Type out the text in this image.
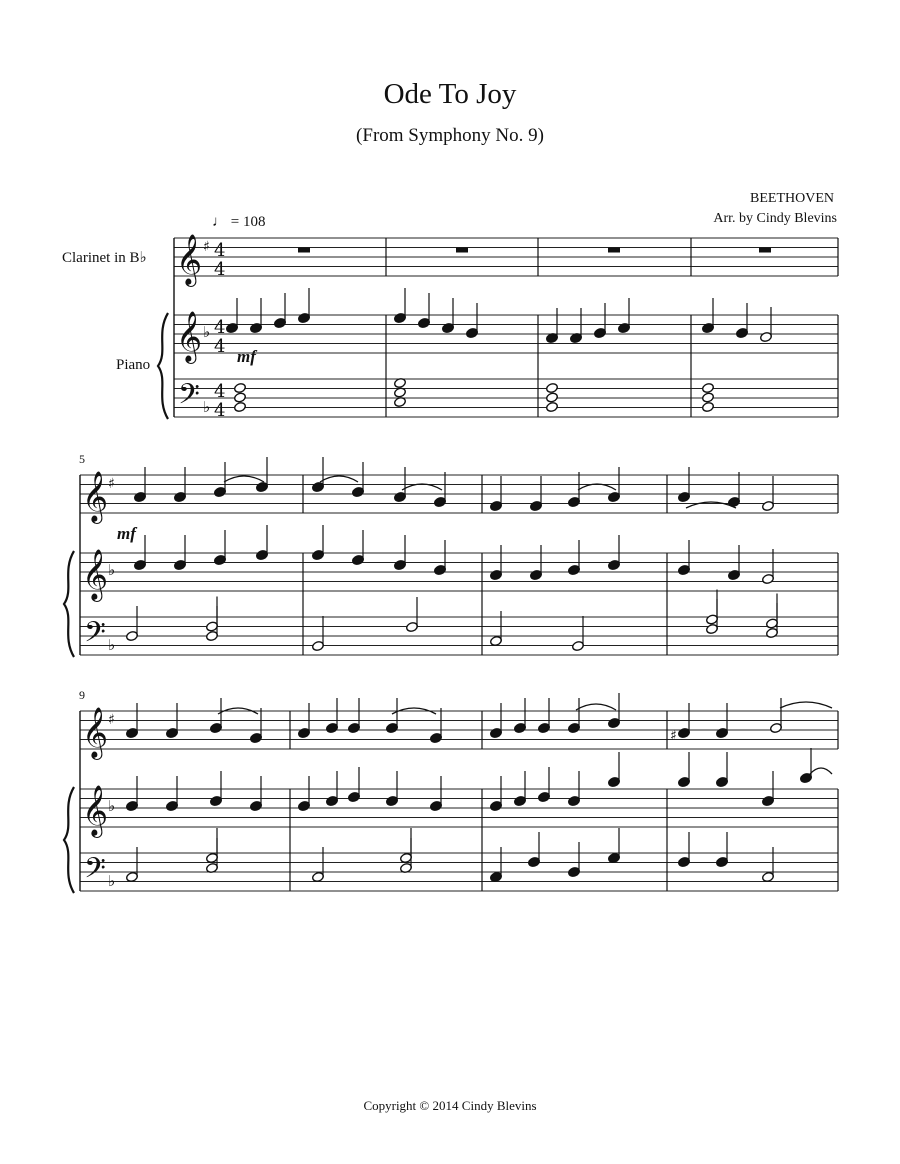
Ode To Joy
(From Symphony No. 9)
BEETHOVEN
Arr. by Cindy Blevins
♩ = 108
Clarinet in B♭
Piano
5
9
mf
mf
Copyright © 2014 Cindy Blevins
𝄞
𝄞
𝄢
♯
♭
♭
4
4
4
4
4
4
𝄞
𝄞
𝄢
♯
♭
♭
𝄞
𝄞
𝄢
♯
♭
♭
♯
